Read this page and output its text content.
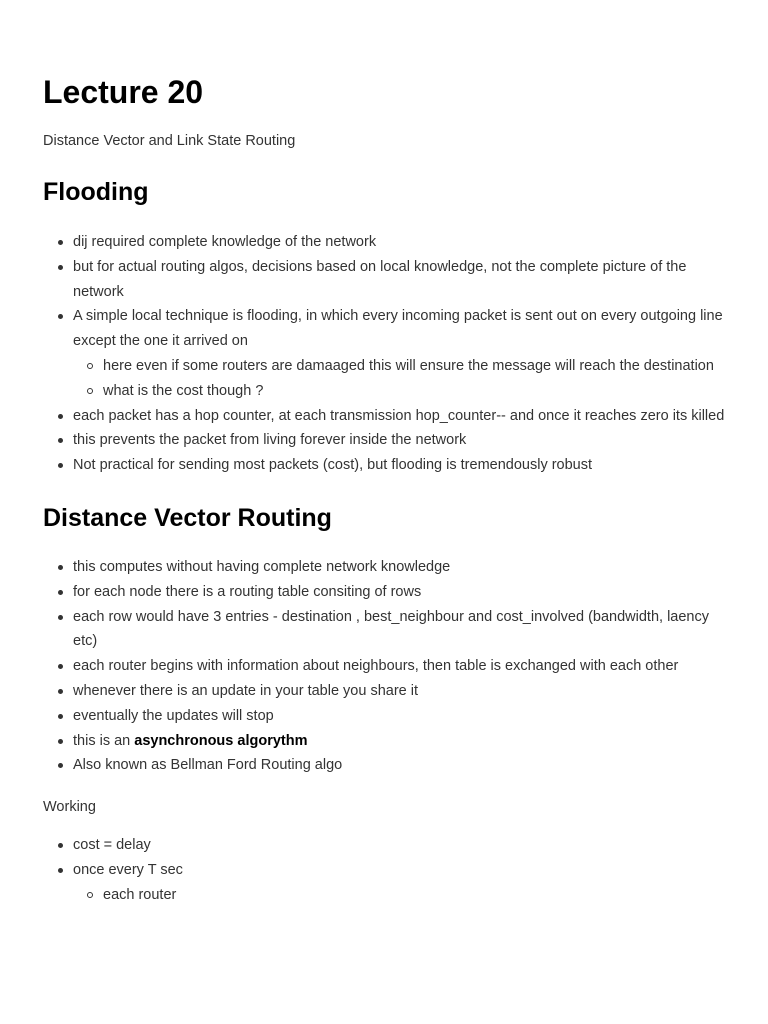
Lecture 20

Distance Vector and Link State Routing

Flooding
dij required complete knowledge of the network
but for actual routing algos, decisions based on local knowledge, not the complete picture of the network
A simple local technique is flooding, in which every incoming packet is sent out on every outgoing line except the one it arrived on
here even if some routers are damaaged this will ensure the message will reach the destination
what is the cost though ?
each packet has a hop counter, at each transmission hop_counter-- and once it reaches zero its killed
this prevents the packet from living forever inside the network
Not practical for sending most packets (cost), but flooding is tremendously robust
Distance Vector Routing
this computes without having complete network knowledge
for each node there is a routing table consiting of rows
each row would have 3 entries - destination , best_neighbour and cost_involved (bandwidth, laency etc)
each router begins with information about neighbours, then table is exchanged with each other
whenever there is an update in your table you share it
eventually the updates will stop
this is an asynchronous algorythm
Also known as Bellman Ford Routing algo

Working

cost = delay
once every T sec
each router
